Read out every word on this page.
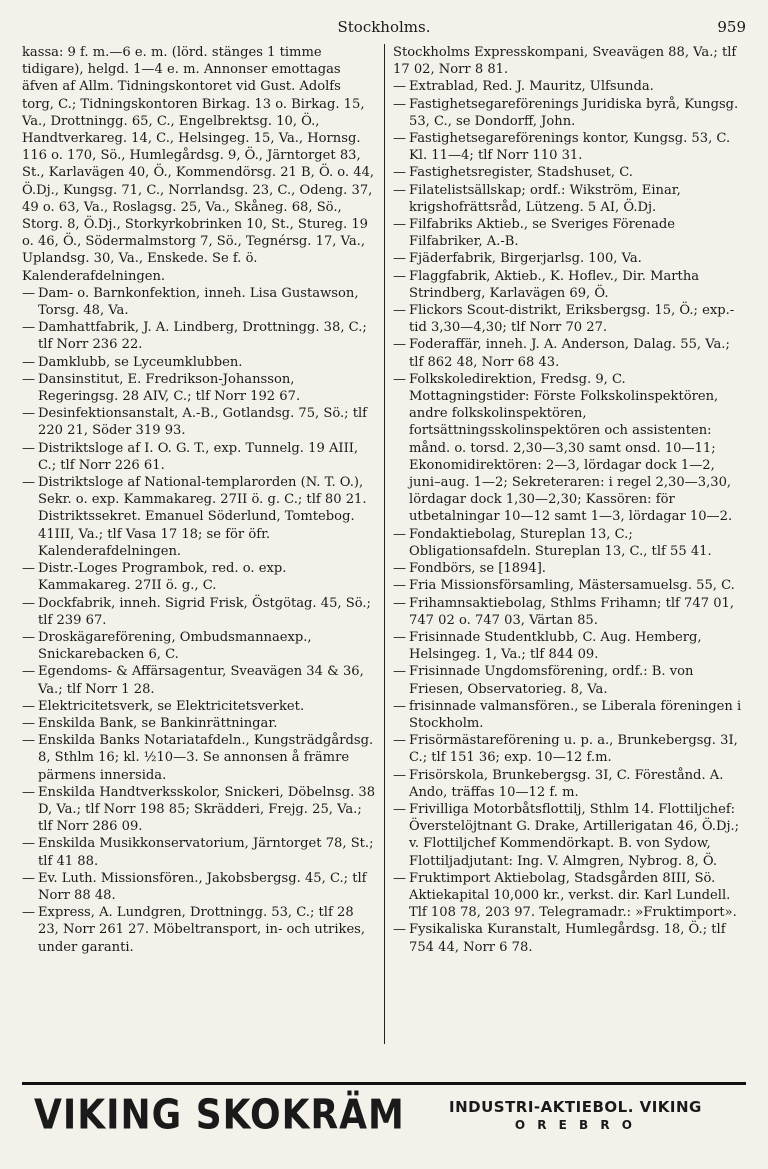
Stockholms.	959

kassa: 9 f. m.—6 e. m. (lörd. stänges 1 timme tidigare), helgd. 1—4 e. m. Annonser emottagas äfven af Allm. Tidningskontoret vid Gust. Adolfs torg, C.; Tidningskontoren Birkag. 13 o. Birkag. 15, Va., Drottningg. 65, C., Engelbrektsg. 10, Ö., Handtverkareg. 14, C., Helsingeg. 15, Va., Hornsg. 116 o. 170, Sö., Humlegårdsg. 9, Ö., Järntorget 83, St., Karlavägen 40, Ö., Kommendörsg. 21 B, Ö. o. 44, Ö.Dj., Kungsg. 71, C., Norrlandsg. 23, C., Odeng. 37, 49 o. 63, Va., Roslagsg. 25, Va., Skåneg. 68, Sö., Storg. 8, Ö.Dj., Storkyrkobrinken 10, St., Stureg. 19 o. 46, Ö., Södermalmstorg 7, Sö., Tegnérsg. 17, Va., Uplandsg. 30, Va., Enskede. Se f. ö. Kalenderafdelningen.

— Dam- o. Barnkonfektion, inneh. Lisa Gustawson, Torsg. 48, Va.

— Damhattfabrik, J. A. Lindberg, Drottningg. 38, C.; tlf Norr 236 22.

— Damklubb, se Lyceumklubben.

— Dansinstitut, E. Fredrikson-Johansson, Regeringsg. 28 AIV, C.; tlf Norr 192 67.

— Desinfektionsanstalt, A.-B., Gotlandsg. 75, Sö.; tlf 220 21, Söder 319 93.

— Distriktsloge af I. O. G. T., exp. Tunnelg. 19 AIII, C.; tlf Norr 226 61.

— Distriktsloge af National-templarorden (N. T. O.), Sekr. o. exp. Kammakareg. 27II ö. g. C.; tlf 80 21. Distriktssekret. Emanuel Söderlund, Tomtebog. 41III, Va.; tlf Vasa 17 18; se för öfr. Kalenderafdelningen.

— Distr.-Loges Programbok, red. o. exp. Kammakareg. 27II ö. g., C.

— Dockfabrik, inneh. Sigrid Frisk, Östgötag. 45, Sö.; tlf 239 67.

— Droskägareförening, Ombudsmannaexp., Snickarebacken 6, C.

— Egendoms- & Affärsagentur, Sveavägen 34 & 36, Va.; tlf Norr 1 28.

— Elektricitetsverk, se Elektricitetsverket.

— Enskilda Bank, se Bankinrättningar.

— Enskilda Banks Notariatafdeln., Kungsträdgårdsg. 8, Sthlm 16; kl. ½10—3. Se annonsen å främre pärmens innersida.

— Enskilda Handtverksskolor, Snickeri, Döbelnsg. 38 D, Va.; tlf Norr 198 85; Skrädderi, Frejg. 25, Va.; tlf Norr 286 09.

— Enskilda Musikkonservatorium, Järntorget 78, St.; tlf 41 88.

— Ev. Luth. Missionsfören., Jakobsbergsg. 45, C.; tlf Norr 88 48.

— Express, A. Lundgren, Drottningg. 53, C.; tlf 28 23, Norr 261 27. Möbeltransport, in- och utrikes, under garanti.

Stockholms Expresskompani, Sveavägen 88, Va.; tlf 17 02, Norr 8 81.

— Extrablad, Red. J. Mauritz, Ulfsunda.

— Fastighetsegareförenings Juridiska byrå, Kungsg. 53, C., se Dondorff, John.

— Fastighetsegareförenings kontor, Kungsg. 53, C. Kl. 11—4; tlf Norr 110 31.

— Fastighetsregister, Stadshuset, C.

— Filatelistsällskap; ordf.: Wikström, Einar, krigshofrättsråd, Lützeng. 5 AI, Ö.Dj.

— Filfabriks Aktieb., se Sveriges Förenade Filfabriker, A.-B.

— Fjäderfabrik, Birgerjarlsg. 100, Va.

— Flaggfabrik, Aktieb., K. Hoflev., Dir. Martha Strindberg, Karlavägen 69, Ö.

— Flickors Scout-distrikt, Eriksbergsg. 15, Ö.; exp.-tid 3,30—4,30; tlf Norr 70 27.

— Foderaffär, inneh. J. A. Anderson, Dalag. 55, Va.; tlf 862 48, Norr 68 43.

— Folkskoledirektion, Fredsg. 9, C. Mottagningstider: Förste Folkskolinspektören, andre folkskolinspektören, fortsättningsskolinspektören och assistenten: månd. o. torsd. 2,30—3,30 samt onsd. 10—11; Ekonomidirektören: 2—3, lördagar dock 1—2, juni–aug. 1—2; Sekreteraren: i regel 2,30—3,30, lördagar dock 1,30—2,30; Kassören: för utbetalningar 10—12 samt 1—3, lördagar 10—2.

— Fondaktiebolag, Stureplan 13, C.; Obligationsafdeln. Stureplan 13, C., tlf 55 41.

— Fondbörs, se [1894].

— Fria Missionsförsamling, Mästersamuelsg. 55, C.

— Frihamnsaktiebolag, Sthlms Frihamn; tlf 747 01, 747 02 o. 747 03, Värtan 85.

— Frisinnade Studentklubb, C. Aug. Hemberg, Helsingeg. 1, Va.; tlf 844 09.

— Frisinnade Ungdomsförening, ordf.: B. von Friesen, Observatorieg. 8, Va.

— frisinnade valmansfören., se Liberala föreningen i Stockholm.

— Frisörmästareförening u. p. a., Brunkebergsg. 3I, C.; tlf 151 36; exp. 10—12 f.m.

— Frisörskola, Brunkebergsg. 3I, C. Förestånd. A. Ando, träffas 10—12 f. m.

— Frivilliga Motorbåtsflottilj, Sthlm 14. Flottiljchef: Överstelöjtnant G. Drake, Artillerigatan 46, Ö.Dj.; v. Flottiljchef Kommendörkapt. B. von Sydow, Flottiljadjutant: Ing. V. Almgren, Nybrog. 8, Ö.

— Fruktimport Aktiebolag, Stadsgården 8III, Sö. Aktiekapital 10,000 kr., verkst. dir. Karl Lundell. Tlf 108 78, 203 97. Telegramadr.: »Fruktimport».

— Fysikaliska Kuranstalt, Humlegårdsg. 18, Ö.; tlf 754 44, Norr 6 78.

VIKING SKOKRÄM	INDUSTRI-AKTIEBOL. VIKING
O R E B R O
